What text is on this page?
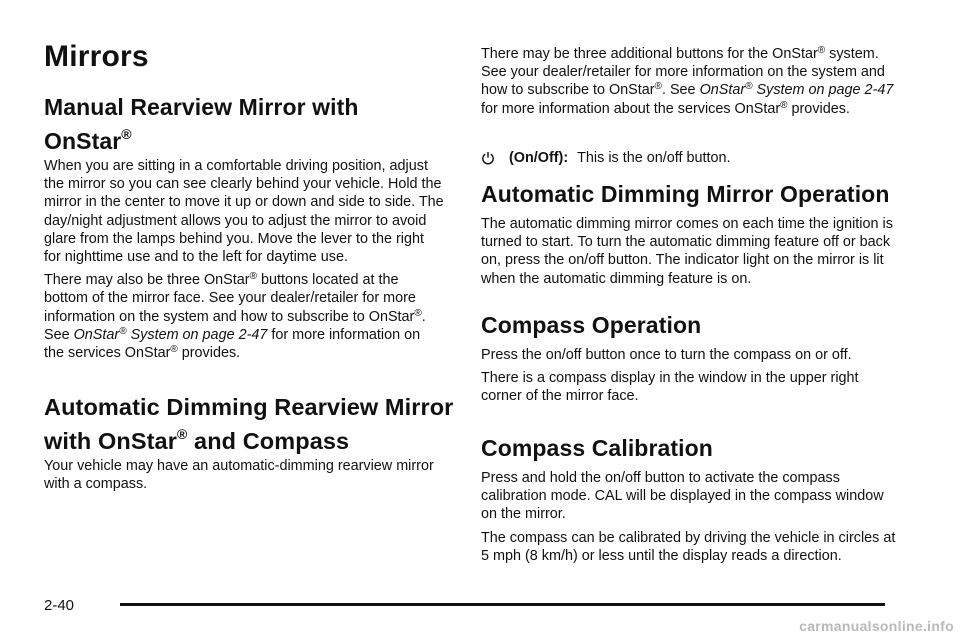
Mirrors
Manual Rearview Mirror with
OnStar®

When you are sitting in a comfortable driving position, adjust the mirror so you can see clearly behind your vehicle. Hold the mirror in the center to move it up or down and side to side. The day/night adjustment allows you to adjust the mirror to avoid glare from the lamps behind you. Move the lever to the right for nighttime use and to the left for daytime use.

There may also be three OnStar® buttons located at the bottom of the mirror face. See your dealer/retailer for more information on the system and how to subscribe to OnStar®. See OnStar® System on page 2-47 for more information on the services OnStar® provides.

Automatic Dimming Rearview Mirror
with OnStar® and Compass

Your vehicle may have an automatic-dimming rearview mirror with a compass.

There may be three additional buttons for the OnStar® system. See your dealer/retailer for more information on the system and how to subscribe to OnStar®. See OnStar® System on page 2-47 for more information about the services OnStar® provides.

(On/Off): This is the on/off button.
Automatic Dimming Mirror Operation

The automatic dimming mirror comes on each time the ignition is turned to start. To turn the automatic dimming feature off or back on, press the on/off button. The indicator light on the mirror is lit when the automatic dimming feature is on.

Compass Operation

Press the on/off button once to turn the compass on or off.

There is a compass display in the window in the upper right corner of the mirror face.

Compass Calibration

Press and hold the on/off button to activate the compass calibration mode. CAL will be displayed in the compass window on the mirror.

The compass can be calibrated by driving the vehicle in circles at 5 mph (8 km/h) or less until the display reads a direction.

2-40
carmanualsonline.info
